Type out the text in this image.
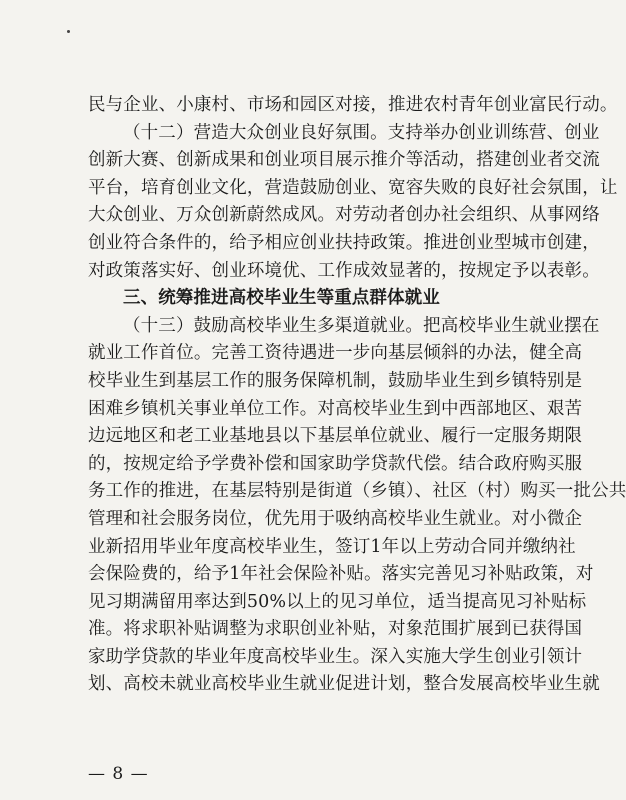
民与企业、小康村、市场和园区对接，推进农村青年创业富民行动。
（十二）营造大众创业良好氛围。支持举办创业训练营、创业
创新大赛、创新成果和创业项目展示推介等活动，搭建创业者交流
平台，培育创业文化，营造鼓励创业、宽容失败的良好社会氛围，让
大众创业、万众创新蔚然成风。对劳动者创办社会组织、从事网络
创业符合条件的，给予相应创业扶持政策。推进创业型城市创建，
对政策落实好、创业环境优、工作成效显著的，按规定予以表彰。
三、统筹推进高校毕业生等重点群体就业
（十三）鼓励高校毕业生多渠道就业。把高校毕业生就业摆在
就业工作首位。完善工资待遇进一步向基层倾斜的办法，健全高
校毕业生到基层工作的服务保障机制，鼓励毕业生到乡镇特别是
困难乡镇机关事业单位工作。对高校毕业生到中西部地区、艰苦
边远地区和老工业基地县以下基层单位就业、履行一定服务期限
的，按规定给予学费补偿和国家助学贷款代偿。结合政府购买服
务工作的推进，在基层特别是街道（乡镇）、社区（村）购买一批公共
管理和社会服务岗位，优先用于吸纳高校毕业生就业。对小微企
业新招用毕业年度高校毕业生，签订1年以上劳动合同并缴纳社
会保险费的，给予1年社会保险补贴。落实完善见习补贴政策，对
见习期满留用率达到50%以上的见习单位，适当提高见习补贴标
准。将求职补贴调整为求职创业补贴，对象范围扩展到已获得国
家助学贷款的毕业年度高校毕业生。深入实施大学生创业引领计
划、高校未就业高校毕业生就业促进计划，整合发展高校毕业生就
— 8 —
